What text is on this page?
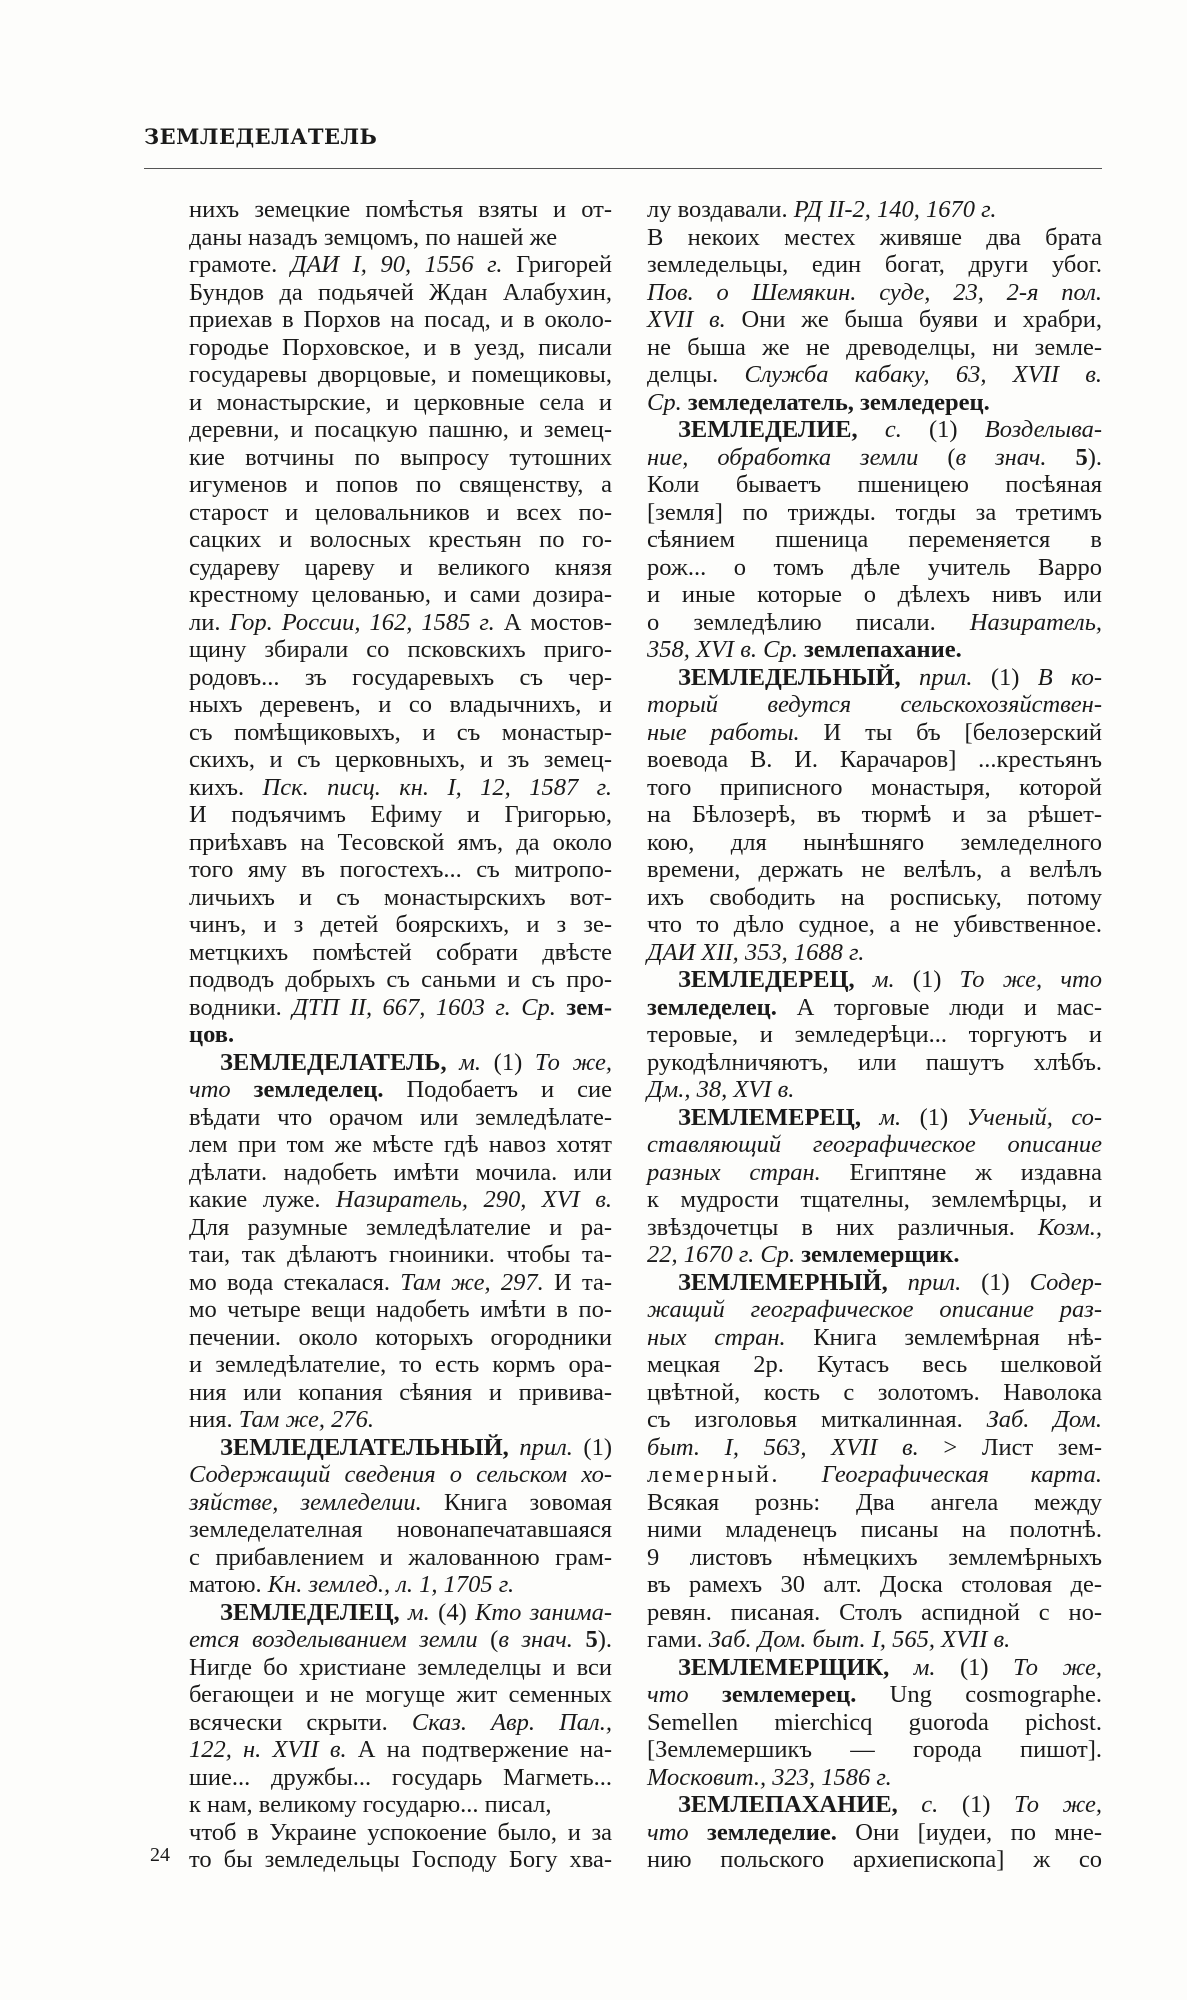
ЗЕМЛЕДЕЛАТЕЛЬ
нихъ земецкие помѣстья взяты и от-
даны назадъ земцомъ, по нашей же
грамоте. ДАИ I, 90, 1556 г. Григорей
Бундов да подьячей Ждан Алабухин,
приехав в Порхов на посад, и в около-
городье Порховское, и в уезд, писали
государевы дворцовые, и помещиковы,
и монастырские, и церковные села и
деревни, и посацкую пашню, и земец-
кие вотчины по выпросу тутошних
игуменов и попов по священству, а
старост и целовальников и всех по-
сацких и волосных крестьян по го-
судареву цареву и великого князя
крестному целованью, и сами дозира-
ли. Гор. России, 162, 1585 г. А мостов-
щину збирали со псковскихъ приго-
родовъ... зъ государевыхъ съ чер-
ныхъ деревенъ, и со владычнихъ, и
съ помѣщиковыхъ, и съ монастыр-
скихъ, и съ церковныхъ, и зъ земец-
кихъ. Пск. писц. кн. I, 12, 1587 г.
И подъячимъ Ефиму и Григорью,
приѣхавъ на Тесовской ямъ, да около
того яму въ погостехъ... съ митропо-
личьихъ и съ монастырскихъ вот-
чинъ, и з детей боярскихъ, и з зе-
метцкихъ помѣстей собрати двѣсте
подводъ добрыхъ съ саньми и съ про-
водники. ДТП II, 667, 1603 г. Ср. зем-
цов.
ЗЕМЛЕДЕЛАТЕЛЬ, м. (1) То же,
что земледелец. Подобаетъ и сие
вѣдати что орачом или земледѣлате-
лем при том же мѣсте гдѣ навоз хотят
дѣлати. надобеть имѣти мочила. или
какие луже. Назиратель, 290, XVI в.
Для разумные земледѣлателие и ра-
таи, так дѣлаютъ гноиники. чтобы та-
мо вода стекалася. Там же, 297. И та-
мо четыре вещи надобеть имѣти в по-
печении. около которыхъ огородники
и земледѣлателие, то есть кормъ ора-
ния или копания сѣяния и привива-
ния. Там же, 276.
ЗЕМЛЕДЕЛАТЕЛЬНЫЙ, прил. (1)
Содержащий сведения о сельском хо-
зяйстве, земледелии. Книга зовомая
земледелателная новонапечатавшаяся
с прибавлением и жалованною грам-
матою. Кн. землед., л. 1, 1705 г.
ЗЕМЛЕДЕЛЕЦ, м. (4) Кто занима-
ется возделыванием земли (в знач. 5).
Нигде бо христиане земледелцы и вси
бегающеи и не могуще жит семенных
всячески скрыти. Сказ. Авр. Пал.,
122, н. XVII в. А на подтвержение на-
шие... дружбы... государь Магметь...
к нам, великому государю... писал,
чтоб в Украине успокоение было, и за
то бы земледельцы Господу Богу хва-
лу воздавали. РД II-2, 140, 1670 г.
В некоих местех живяше два брата
земледельцы, един богат, други убог.
Пов. о Шемякин. суде, 23, 2-я пол.
XVII в. Они же быша буяви и храбри,
не быша же не древоделцы, ни земле-
делцы. Служба кабаку, 63, XVII в.
Ср. земледелатель, земледерец.
ЗЕМЛЕДЕЛИЕ, с. (1) Возделыва-
ние, обработка земли (в знач. 5).
Коли бываетъ пшеницею посѣяная
[земля] по трижды. тогды за третимъ
сѣянием пшеница переменяется в
рож... о томъ дѣле учитель Варро
и иные которые о дѣлехъ нивъ или
о земледѣлию писали. Назиратель,
358, XVI в. Ср. землепахание.
ЗЕМЛЕДЕЛЬНЫЙ, прил. (1) В ко-
торый ведутся сельскохозяйствен-
ные работы. И ты бъ [белозерский
воевода В. И. Карачаров] ...крестьянъ
того приписного монастыря, которой
на Бѣлозерѣ, въ тюрмѣ и за рѣшет-
кою, для нынѣшняго земледелного
времени, держать не велѣлъ, а велѣлъ
ихъ свободить на роспиську, потому
что то дѣло судное, а не убивственное.
ДАИ XII, 353, 1688 г.
ЗЕМЛЕДЕРЕЦ, м. (1) То же, что
земледелец. А торговые люди и мас-
теровые, и земледерѣци... торгуютъ и
рукодѣлничяютъ, или пашутъ хлѣбъ.
Дм., 38, XVI в.
ЗЕМЛЕМЕРЕЦ, м. (1) Ученый, со-
ставляющий географическое описание
разных стран. Египтяне ж издавна
к мудрости тщателны, землемѣрцы, и
звѣздочетцы в них различныя. Козм.,
22, 1670 г. Ср. землемерщик.
ЗЕМЛЕМЕРНЫЙ, прил. (1) Содер-
жащий географическое описание раз-
ных стран. Книга землемѣрная нѣ-
мецкая 2р. Кутасъ весь шелковой
цвѣтной, кость с золотомъ. Наволока
съ изголовья миткалинная. Заб. Дом.
быт. I, 563, XVII в. > Лист зем-
лемерный. Географическая карта.
Всякая рознь: Два ангела между
ними младенецъ писаны на полотнѣ.
9 листовъ нѣмецкихъ землемѣрныхъ
въ рамехъ 30 алт. Доска столовая де-
ревян. писаная. Столъ аспидной с но-
гами. Заб. Дом. быт. I, 565, XVII в.
ЗЕМЛЕМЕРЩИК, м. (1) То же,
что землемерец. Ung cosmographe.
Semellen mierchicq guoroda pichost.
[Землемершикъ — города пишот].
Московит., 323, 1586 г.
ЗЕМЛЕПАХАНИЕ, с. (1) То же,
что земледелие. Они [иудеи, по мне-
нию польского архиепископа] ж со
24
